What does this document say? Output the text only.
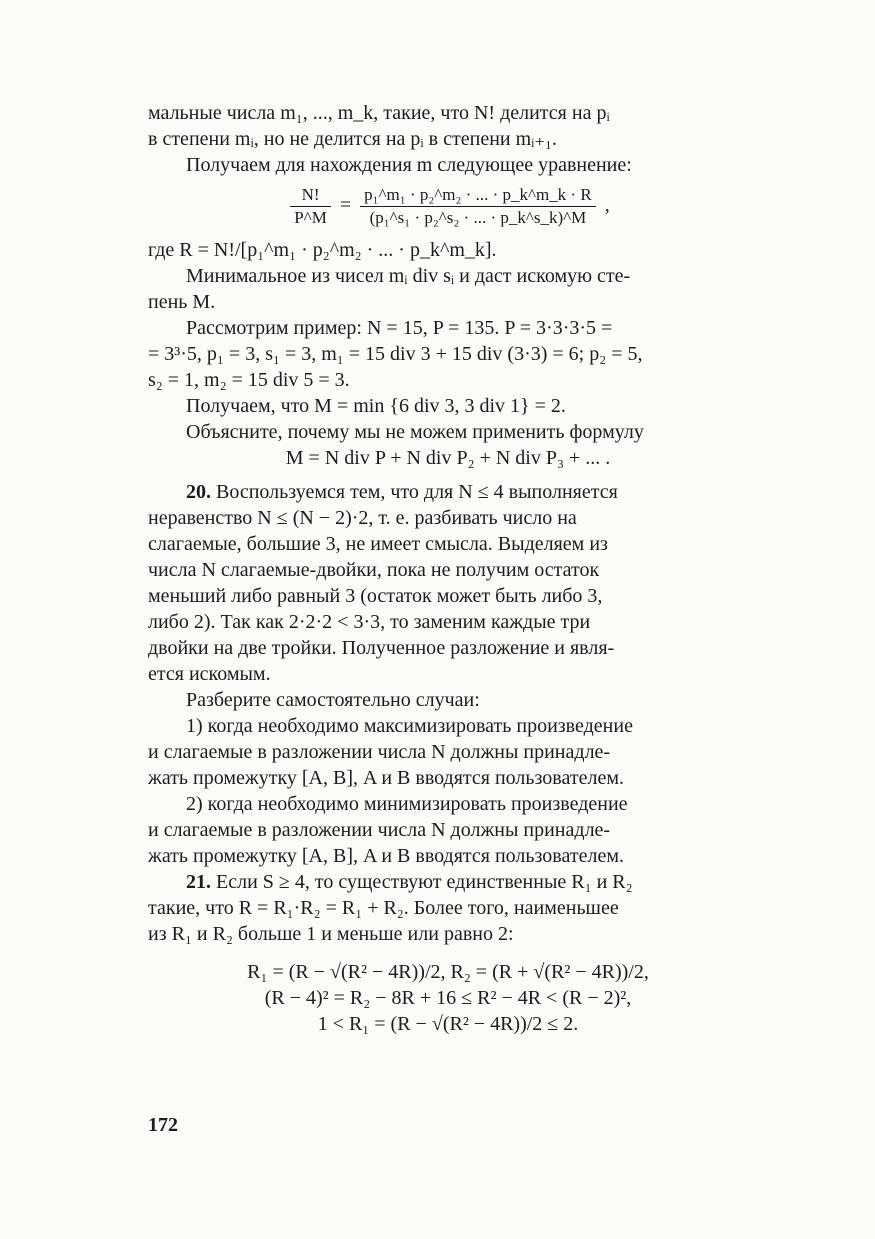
мальные числа m₁, ..., m_k, такие, что N! делится на pᵢ

в степени mᵢ, но не делится на pᵢ в степени mᵢ₊₁.

Получаем для нахождения m следующее уравнение:

$\frac{N!}{P\^{}M} = \frac{\text{p₁\textasciicircum{}m₁ · p₂\textasciicircum{}m₂ · ... · p\_k\textasciicircum{}m\_k · R}}{\text{(p₁\textasciicircum{}s₁ · p₂\textasciicircum{}s₂ · ... · p\_k\textasciicircum{}s\_k)\textasciicircum{}M}}$ ,

где R = N!/[p₁^m₁ · p₂^m₂ · ... · p_k^m_k].

Минимальное из чисел mᵢ div sᵢ и даст искомую сте-

пень M.

Рассмотрим пример: N = 15, P = 135. P = 3·3·3·5 =

= 3³·5, p₁ = 3, s₁ = 3, m₁ = 15 div 3 + 15 div (3·3) = 6; p₂ = 5,

s₂ = 1, m₂ = 15 div 5 = 3.

Получаем, что M = min {6 div 3, 3 div 1} = 2.

Объясните, почему мы не можем применить формулу

M = N div P + N div P₂ + N div P₃ + ... .

20. Воспользуемся тем, что для N ≤ 4 выполняется

неравенство N ≤ (N − 2)·2, т. е. разбивать число на

слагаемые, большие 3, не имеет смысла. Выделяем из

числа N слагаемые-двойки, пока не получим остаток

меньший либо равный 3 (остаток может быть либо 3,

либо 2). Так как 2·2·2 < 3·3, то заменим каждые три

двойки на две тройки. Полученное разложение и явля-

ется искомым.

Разберите самостоятельно случаи:

1) когда необходимо максимизировать произведение

и слагаемые в разложении числа N должны принадле-

жать промежутку [A, B], A и B вводятся пользователем.

2) когда необходимо минимизировать произведение

и слагаемые в разложении числа N должны принадле-

жать промежутку [A, B], A и B вводятся пользователем.

21. Если S ≥ 4, то существуют единственные R₁ и R₂

такие, что R = R₁·R₂ = R₁ + R₂. Более того, наименьшее

из R₁ и R₂ больше 1 и меньше или равно 2:

R₁ = (R − √(R² − 4R))/2, R₂ = (R + √(R² − 4R))/2,

(R − 4)² = R₂ − 8R + 16 ≤ R² − 4R < (R − 2)²,

1 < R₁ = (R − √(R² − 4R))/2 ≤ 2.

172
